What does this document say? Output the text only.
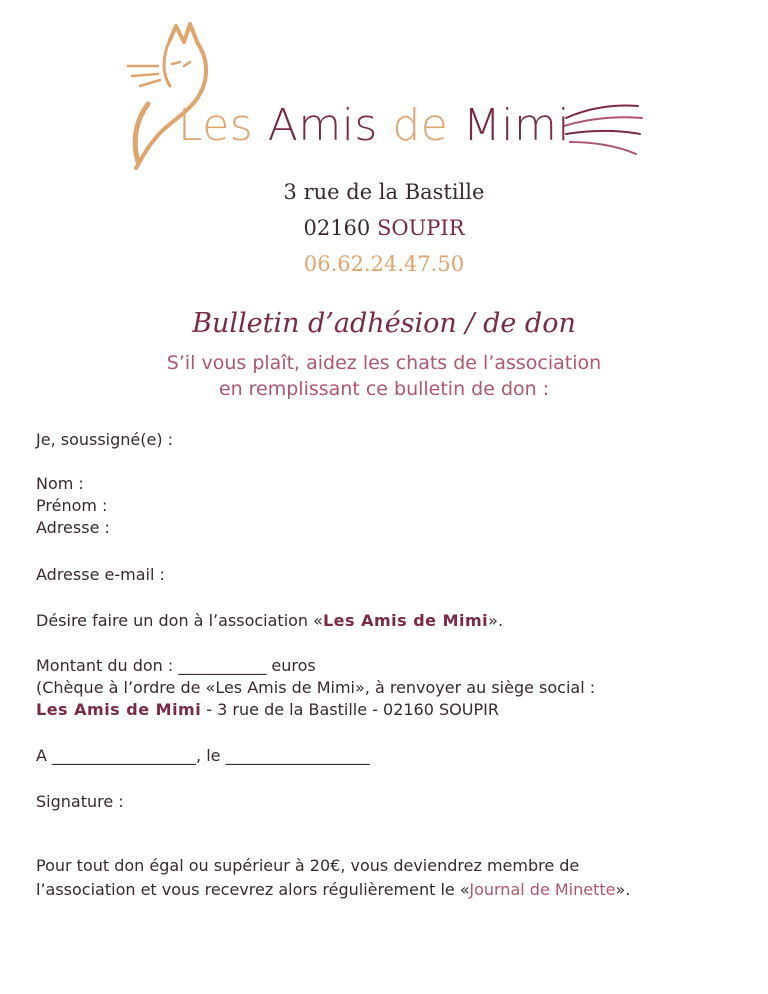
Les Amis de Mimi
3 rue de la Bastille
02160 SOUPIR
06.62.24.47.50
Bulletin d’adhésion / de don
S’il vous plaît, aidez les chats de l’association
en remplissant ce bulletin de don :
Je, soussigné(e) :
Nom :
Prénom :
Adresse :
Adresse e-mail :
Désire faire un don à l’association «Les Amis de Mimi».
Montant du don : ___________ euros
(Chèque à l’ordre de «Les Amis de Mimi», à renvoyer au siège social :
Les Amis de Mimi - 3 rue de la Bastille - 02160 SOUPIR
A __________________, le __________________
Signature :
Pour tout don égal ou supérieur à 20€, vous deviendrez membre de
l’association et vous recevrez alors régulièrement le «Journal de Minette».
